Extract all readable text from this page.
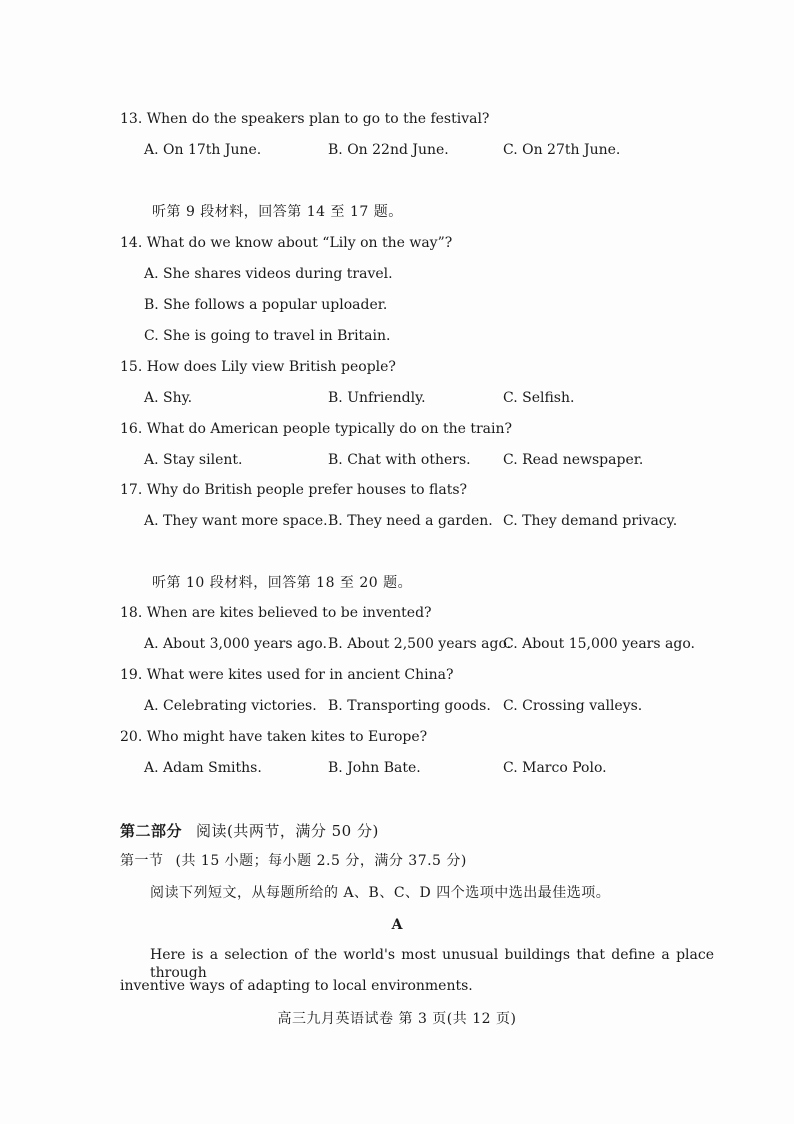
13. When do the speakers plan to go to the festival?
A. On 17th June.	B. On 22nd June.	C. On 27th June.
听第 9 段材料，回答第 14 至 17 题。
14. What do we know about “Lily on the way”?
A. She shares videos during travel.
B. She follows a popular uploader.
C. She is going to travel in Britain.
15. How does Lily view British people?
A. Shy.	B. Unfriendly.	C. Selfish.
16. What do American people typically do on the train?
A. Stay silent.	B. Chat with others. C. Read newspaper.
17. Why do British people prefer houses to flats?
A. They want more space. B. They need a garden. C. They demand privacy.
听第 10 段材料，回答第 18 至 20 题。
18. When are kites believed to be invented?
A. About 3,000 years ago. B. About 2,500 years ago.
C. About 15,000 years ago.
19. What were kites used for in ancient China?
A. Celebrating victories. B. Transporting goods. C. Crossing valleys.
20. Who might have taken kites to Europe?
A. Adam Smiths.	B. John Bate.	C. Marco Polo.
第二部分 阅读(共两节，满分 50 分)
第一节 (共 15 小题；每小题 2.5 分，满分 37.5 分)
阅读下列短文，从每题所给的 A、B、C、D 四个选项中选出最佳选项。
A
Here is a selection of the world's most unusual buildings that define a place through
inventive ways of adapting to local environments.
高三九月英语试卷 第 3 页(共 12 页)
